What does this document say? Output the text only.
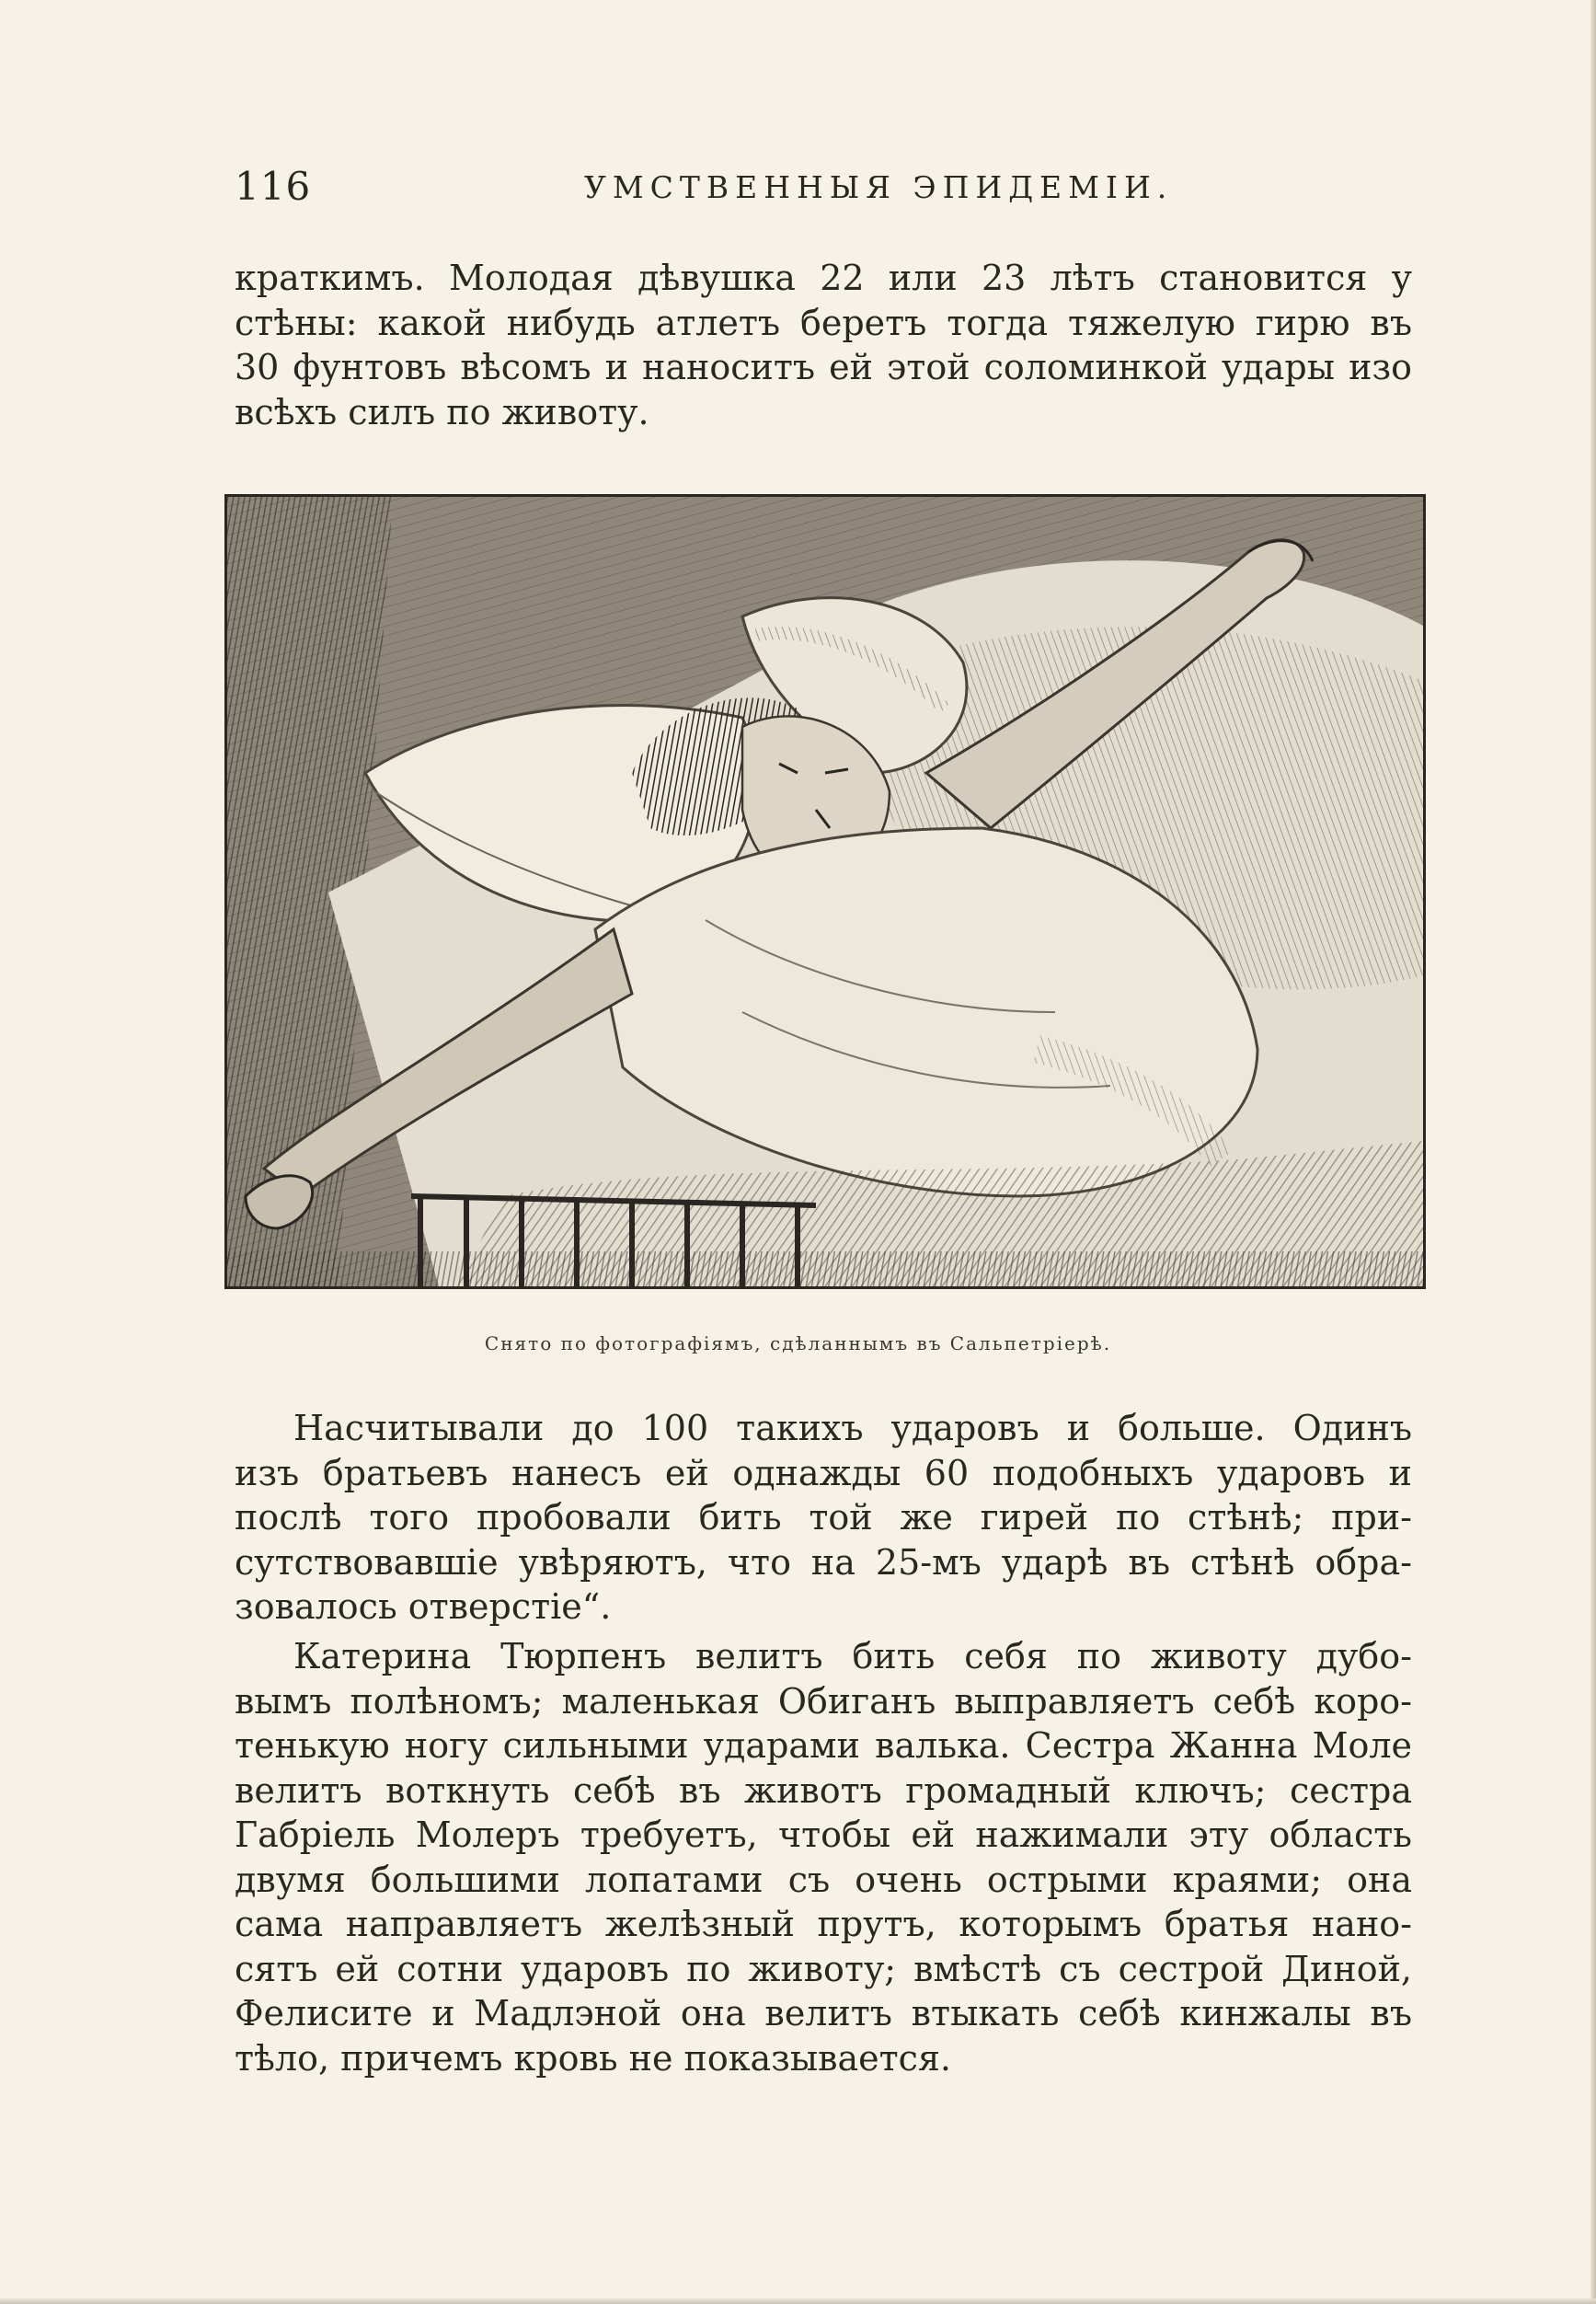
116	УМСТВЕННЫЯ ЭПИДЕМІИ.
краткимъ. Молодая дѣвушка 22 или 23 лѣтъ становится у
стѣны: какой нибудь атлетъ беретъ тогда тяжелую гирю въ
30 фунтовъ вѣсомъ и наноситъ ей этой соломинкой удары изо
всѣхъ силъ по животу.
Снято по фотографіямъ, сдѣланнымъ въ Сальпетріерѣ.
Насчитывали до 100 такихъ ударовъ и больше. Одинъ
изъ братьевъ нанесъ ей однажды 60 подобныхъ ударовъ и
послѣ того пробовали бить той же гирей по стѣнѣ; при-
сутствовавшіе увѣряютъ, что на 25-мъ ударѣ въ стѣнѣ обра-
зовалось отверстіе“.
Катерина Тюрпенъ велитъ бить себя по животу дубо-
вымъ полѣномъ; маленькая Обиганъ выправляетъ себѣ коро-
тенькую ногу сильными ударами валька. Сестра Жанна Моле
велитъ воткнуть себѣ въ животъ громадный ключъ; сестра
Габріель Молеръ требуетъ, чтобы ей нажимали эту область
двумя большими лопатами съ очень острыми краями; она
сама направляетъ желѣзный прутъ, которымъ братья нано-
сятъ ей сотни ударовъ по животу; вмѣстѣ съ сестрой Диной,
Фелисите и Мадлэной она велитъ втыкать себѣ кинжалы въ
тѣло, причемъ кровь не показывается.
